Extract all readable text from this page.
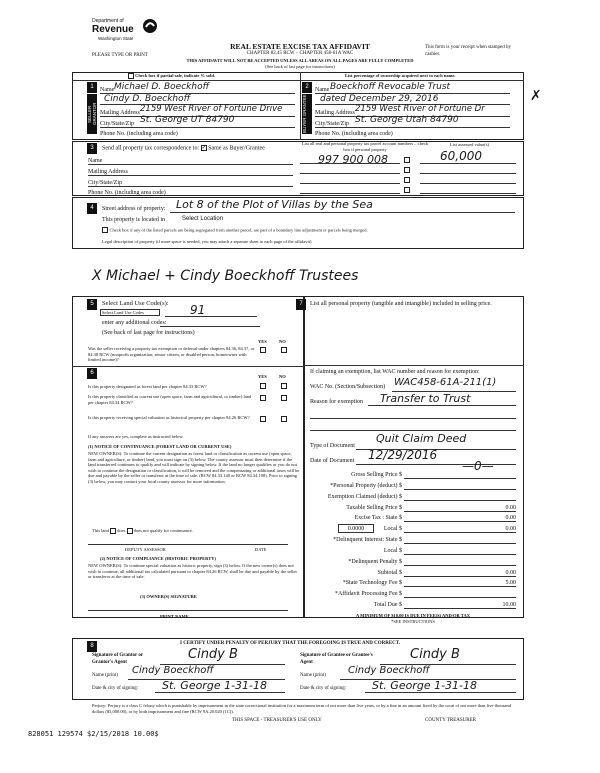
Department of
Revenue
Washington State
PLEASE TYPE OR PRINT
REAL ESTATE EXCISE TAX AFFIDAVIT
CHAPTER 82.45 RCW – CHAPTER 458-61A WAC
THIS AFFIDAVIT WILL NOT BE ACCEPTED UNLESS ALL AREAS ON ALL PAGES ARE FULLY COMPLETED
(See back of last page for instructions)
This form is your receipt when stamped by cashier.
Check box if partial sale, indicate % sold.	List percentage of ownership acquired next to each name.
1
SELLER GRANTOR
Name Michael D. Boeckhoff
Cindy D. Boeckhoff
Mailing Address 2159 West River of Fortune Drive
City/State/Zip St. George UT 84790
Phone No. (including area code)
2
BUYER GRANTEE
Name Boeckhoff Revocable Trust
dated December 29, 2016
Mailing Address 2159 West River of Fortune Dr
City/State/Zip St. George Utah 84790
Phone No. (including area code)
✗
3	Send all property tax correspondence to: ✓ Same as Buyer/Grantee
Name
Mailing Address
City/State/Zip
Phone No. (including area code)
List all real and personal property tax parcel account numbers – check box if personal property
List assessed value(s)
997 900 008	60,000
4	Street address of property: Lot 8 of the Plot of Villas by the Sea
This property is located in	Select Location
Check box if any of the listed parcels are being segregated from another parcel, are part of a boundary line adjustment or parcels being merged.
Legal description of property (if more space is needed, you may attach a separate sheet to each page of the affidavit)
X Michael + Cindy Boeckhoff Trustees
5	Select Land Use Code(s):
Select Land Use Codes	91
enter any additional codes:
(See back of last page for instructions)
YES	NO
Was the seller receiving a property tax exemption or deferral under chapters 84.36, 84.37, or 84.38 RCW (nonprofit organization, senior citizen, or disabled person, homeowner with limited income)?
6
YES	NO
Is this property designated as forest land per chapter 84.33 RCW?
Is this property classified as current use (open space, farm and agricultural, or timber) land per chapter 84.34 RCW?
Is this property receiving special valuation as historical property per chapter 84.26 RCW?
If any answers are yes, complete as instructed below.
(1) NOTICE OF CONTINUANCE (FOREST LAND OR CURRENT USE)
NEW OWNER(S): To continue the current designation as forest land or classification as current use (open space, farm and agriculture, or timber) land, you must sign on (3) below. The county assessor must then determine if the land transferred continues to qualify and will indicate by signing below. If the land no longer qualifies or you do not wish to continue the designation or classification, it will be removed and the compensating or additional taxes will be due and payable by the seller or transferor at the time of sale. (RCW 84.33.140 or RCW 84.34.108). Prior to signing (3) below, you may contact your local county assessor for more information.
This land does does not qualify for continuance.
DEPUTY ASSESSOR	DATE
(2) NOTICE OF COMPLIANCE (HISTORIC PROPERTY)
NEW OWNER(S): To continue special valuation as historic property, sign (3) below. If the new owner(s) does not wish to continue, all additional tax calculated pursuant to chapter 84.26 RCW, shall be due and payable by the seller or transferor at the time of sale.
(3) OWNER(S) SIGNATURE
PRINT NAME
7	List all personal property (tangible and intangible) included in selling price.
If claiming an exemption, list WAC number and reason for exemption:
WAC No. (Section/Subsection) WAC458-61A-211(1)
Reason for exemption Transfer to Trust
Type of Document
Quit Claim Deed
Date of Document 12/29/2016
Gross Selling Price $
—0—
*Personal Property (deduct) $
Exemption Claimed (deduct) $
Taxable Selling Price $	0.00
Excise Tax : State $	0.00
0.0000	Local $	0.00
*Delinquent Interest: State $
Local $
*Delinquent Penalty $
Subtotal $	0.00
*State Technology Fee $	5.00
*Affidavit Processing Fee $
Total Due $	10.00
A MINIMUM OF $10.00 IS DUE IN FEE(S) AND/OR TAX
*SEE INSTRUCTIONS
8	I CERTIFY UNDER PENALTY OF PERJURY THAT THE FOREGOING IS TRUE AND CORRECT.
Signature of Grantor or Grantor's Agent
Cindy B
Name (print) Cindy Boeckhoff
Date & city of signing: St. George 1-31-18
Signature of Grantee or Grantee's Agent
Cindy B
Name (print) Cindy Boeckhoff
Date & city of signing: St. George 1-31-18
Perjury: Perjury is a class C felony which is punishable by imprisonment in the state correctional institution for a maximum term of not more than five years, or by a fine in an amount fixed by the court of not more than five thousand dollars ($5,000.00), or by both imprisonment and fine (RCW 9A.20.020 (1C)).
828051 129574 $2/15/2018 10.00$
THIS SPACE - TREASURER'S USE ONLY	COUNTY TREASURER
